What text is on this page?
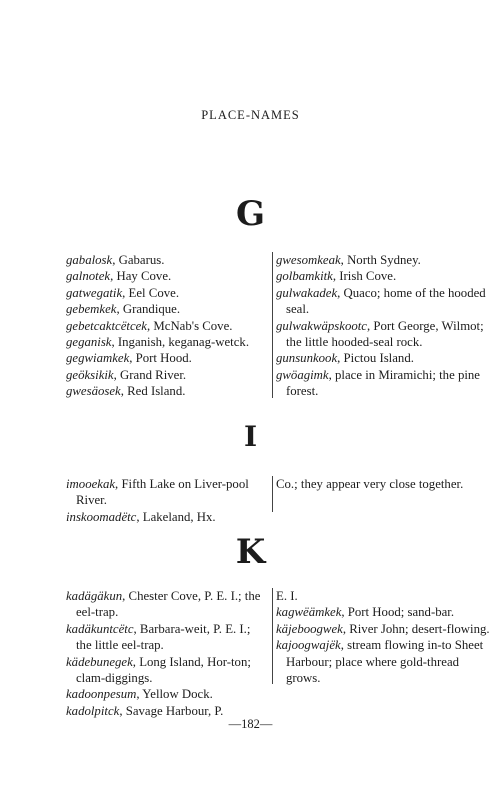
PLACE-NAMES
G
gabalosk, Gabarus.
galnotek, Hay Cove.
gatwegatik, Eel Cove.
gebemkek, Grandique.
gebetcaktcëtcek, McNab's Cove.
geganisk, Inganish, keganag-wetck.
gegwiamkek, Port Hood.
geöksikik, Grand River.
gwesäosek, Red Island.
gwesomkeak, North Sydney.
golbamkitk, Irish Cove.
gulwakadek, Quaco; home of the hooded seal.
gulwakwäpskootc, Port George, Wilmot; the little hooded-seal rock.
gunsunkook, Pictou Island.
gwöagimk, place in Miramichi; the pine forest.
I
imooekak, Fifth Lake on Liver-pool River.
inskoomadëtc, Lakeland, Hx.
Co.; they appear very close together.
K
kadägäkun, Chester Cove, P. E. I.; the eel-trap.
kadäkuntcëtc, Barbara-weit, P. E. I.; the little eel-trap.
kädebunegek, Long Island, Hor-ton; clam-diggings.
kadoonpesum, Yellow Dock.
kadolpitck, Savage Harbour, P.
E. I.
kagwëämkek, Port Hood; sand-bar.
käjeboogwek, River John; desert-flowing.
kajoogwajëk, stream flowing in-to Sheet Harbour; place where gold-thread grows.
—182—
